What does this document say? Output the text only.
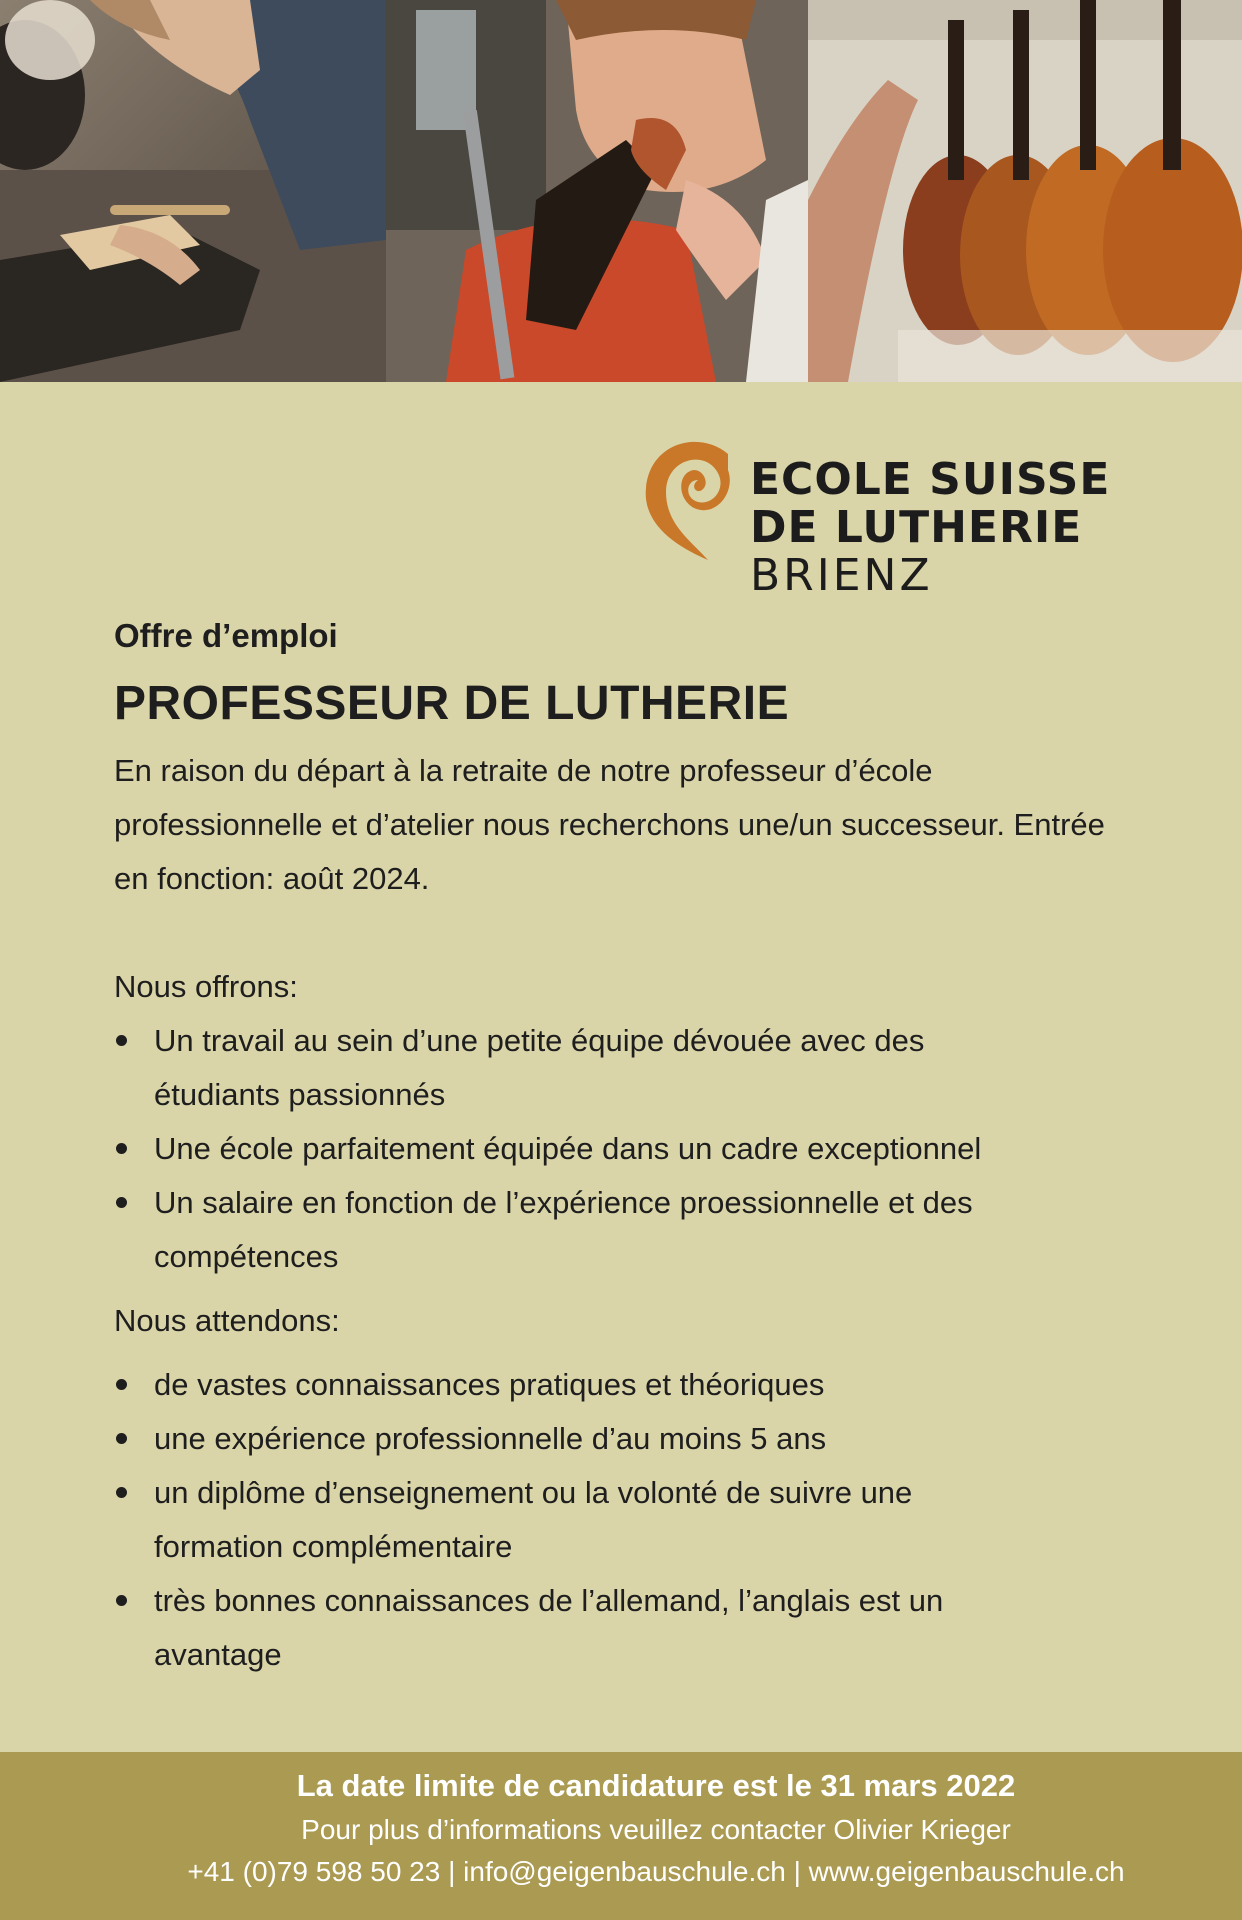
ECOLE SUISSE
DE LUTHERIE
BRIENZ

Offre d’emploi

PROFESSEUR DE LUTHERIE

En raison du départ à la retraite de notre professeur d’école professionnelle et d’atelier nous recherchons une/un successeur. Entrée en fonction: août 2024.

Nous offrons:

Un travail au sein d’une petite équipe dévouée avec des étudiants passionnés
Une école parfaitement équipée dans un cadre exceptionnel
Un salaire en fonction de l’expérience proessionnelle et des compétences

Nous attendons:

de vastes connaissances pratiques et théoriques
une expérience professionnelle d’au moins 5 ans
un diplôme d’enseignement ou la volonté de suivre une formation complémentaire
très bonnes connaissances de l’allemand, l’anglais est un avantage
La date limite de candidature est le 31 mars 2022
Pour plus d’informations veuillez contacter Olivier Krieger
+41 (0)79 598 50 23 | info@geigenbauschule.ch | www.geigenbauschule.ch
